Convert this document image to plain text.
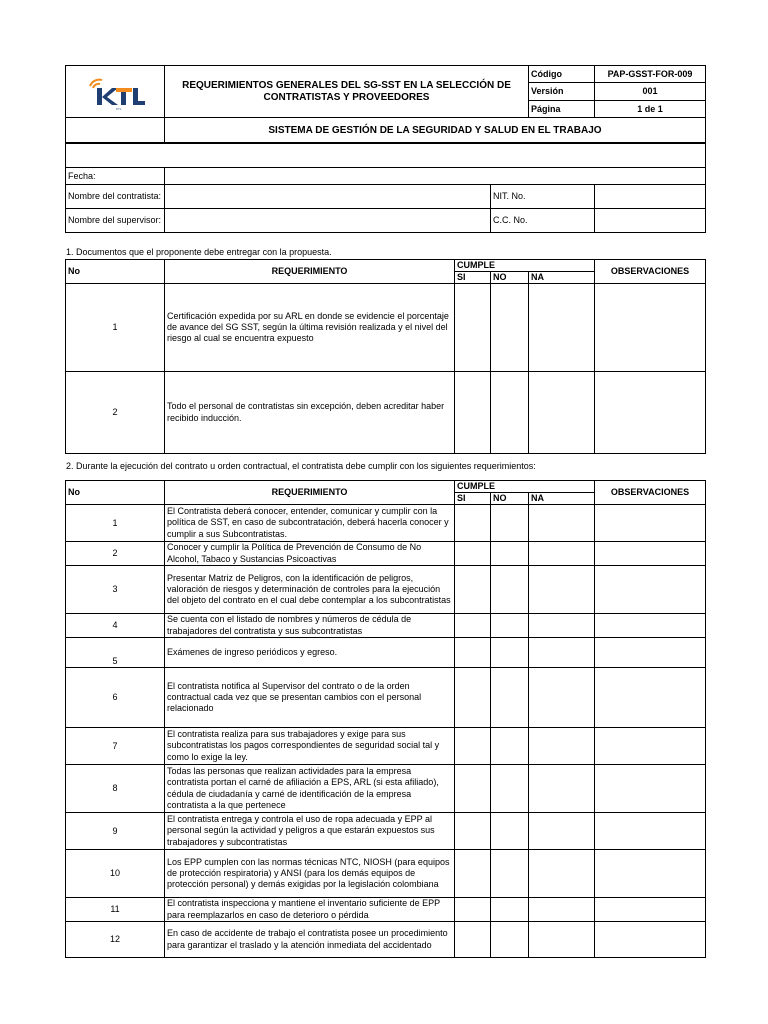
KTL	REQUERIMIENTOS GENERALES DEL SG-SST EN LA SELECCIÓN DE CONTRATISTAS Y PROVEEDORES	Código	PAP-GSST-FOR-009
		Versión	001
		Página	1 de 1
	SISTEMA DE GESTIÓN DE LA SEGURIDAD Y SALUD EN EL TRABAJO		

Fecha:			
Nombre del contratista:		NIT. No.	
Nombre del supervisor:		C.C. No.	
1. Documentos que el proponente debe entregar con la propuesta.
No	REQUERIMIENTO	CUMPLE			OBSERVACIONES
		SI	NO	NA	
1	Certificación expedida por su ARL en donde se evidencie el porcentaje de avance del SG SST, según la última revisión realizada y el nivel del riesgo al cual se encuentra expuesto				
2	Todo el personal de contratistas sin excepción, deben acreditar haber recibido inducción.				
2. Durante la ejecución del contrato u orden contractual, el contratista debe cumplir con los siguientes requerimientos:
No	REQUERIMIENTO	CUMPLE			OBSERVACIONES
		SI	NO	NA	
1	El Contratista deberá conocer, entender, comunicar y cumplir con la política de SST, en caso de subcontratación, deberá hacerla conocer y cumplir a sus Subcontratistas.				
2	Conocer y cumplir la Política de Prevención de Consumo de No Alcohol, Tabaco y Sustancias Psicoactivas				
3	Presentar Matriz de Peligros, con la identificación de peligros, valoración de riesgos y determinación de controles para la ejecución del objeto del contrato en el cual debe contemplar a los subcontratistas				
4	Se cuenta con el listado de nombres y números de cédula de trabajadores del contratista y sus subcontratistas				
5	Exámenes de ingreso periódicos y egreso.				
6	El contratista notifica al Supervisor del contrato o de la orden contractual cada vez que se presentan cambios con el personal relacionado				
7	El contratista realiza para sus trabajadores y exige para sus subcontratistas los pagos correspondientes de seguridad social tal y como lo exige la ley.				
8	Todas las personas que realizan actividades para la empresa contratista portan el carné de afiliación a EPS, ARL (si esta afiliado), cédula de ciudadanía y carné de identificación de la empresa contratista a la que pertenece				
9	El contratista entrega y controla el uso de ropa adecuada y EPP al personal según la actividad y peligros a que estarán expuestos sus trabajadores y subcontratistas				
10	Los EPP cumplen con las normas técnicas NTC, NIOSH (para equipos de protección respiratoria) y ANSI (para los demás equipos de protección personal) y demás exigidas por la legislación colombiana				
11	El contratista inspecciona y mantiene el inventario suficiente de EPP para reemplazarlos en caso de deterioro o pérdida				
12	En caso de accidente de trabajo el contratista posee un procedimiento para garantizar el traslado y la atención inmediata del accidentado				
